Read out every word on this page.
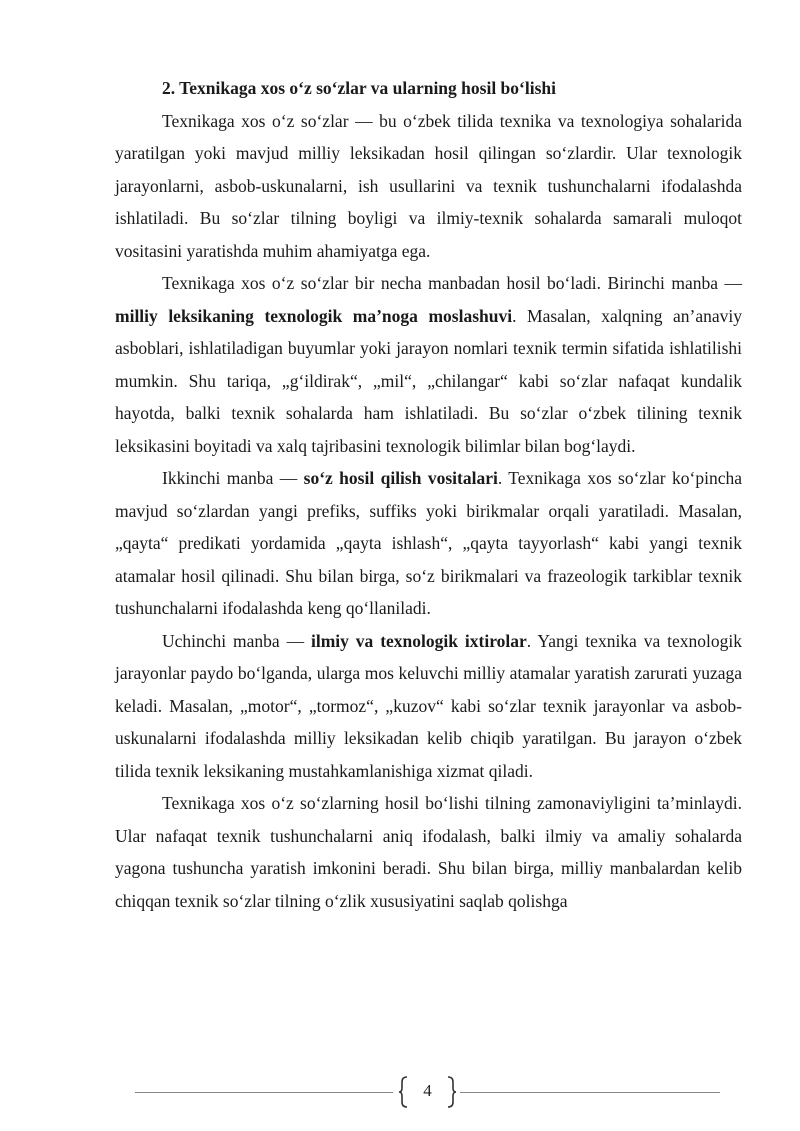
2. Texnikaga xos o‘z so‘zlar va ularning hosil bo‘lishi

Texnikaga xos o‘z so‘zlar — bu o‘zbek tilida texnika va texnologiya sohalarida yaratilgan yoki mavjud milliy leksikadan hosil qilingan so‘zlardir. Ular texnologik jarayonlarni, asbob-uskunalarni, ish usullarini va texnik tushunchalarni ifodalashda ishlatiladi. Bu so‘zlar tilning boyligi va ilmiy-texnik sohalarda samarali muloqot vositasini yaratishda muhim ahamiyatga ega.

Texnikaga xos o‘z so‘zlar bir necha manbadan hosil bo‘ladi. Birinchi manba — milliy leksikaning texnologik ma’noga moslashuvi. Masalan, xalqning an’anaviy asboblari, ishlatiladigan buyumlar yoki jarayon nomlari texnik termin sifatida ishlatilishi mumkin. Shu tariqa, „g‘ildirak“, „mil“, „chilangar“ kabi so‘zlar nafaqat kundalik hayotda, balki texnik sohalarda ham ishlatiladi. Bu so‘zlar o‘zbek tilining texnik leksikasini boyitadi va xalq tajribasini texnologik bilimlar bilan bog‘laydi.

Ikkinchi manba — so‘z hosil qilish vositalari. Texnikaga xos so‘zlar ko‘pincha mavjud so‘zlardan yangi prefiks, suffiks yoki birikmalar orqali yaratiladi. Masalan, „qayta“ predikati yordamida „qayta ishlash“, „qayta tayyorlash“ kabi yangi texnik atamalar hosil qilinadi. Shu bilan birga, so‘z birikmalari va frazeologik tarkiblar texnik tushunchalarni ifodalashda keng qo‘llaniladi.

Uchinchi manba — ilmiy va texnologik ixtirolar. Yangi texnika va texnologik jarayonlar paydo bo‘lganda, ularga mos keluvchi milliy atamalar yaratish zarurati yuzaga keladi. Masalan, „motor“, „tormoz“, „kuzov“ kabi so‘zlar texnik jarayonlar va asbob-uskunalarni ifodalashda milliy leksikadan kelib chiqib yaratilgan. Bu jarayon o‘zbek tilida texnik leksikaning mustahkamlanishiga xizmat qiladi.

Texnikaga xos o‘z so‘zlarning hosil bo‘lishi tilning zamonaviyligini ta’minlaydi. Ular nafaqat texnik tushunchalarni aniq ifodalash, balki ilmiy va amaliy sohalarda yagona tushuncha yaratish imkonini beradi. Shu bilan birga, milliy manbalardan kelib chiqqan texnik so‘zlar tilning o‘zlik xususiyatini saqlab qolishga

4
